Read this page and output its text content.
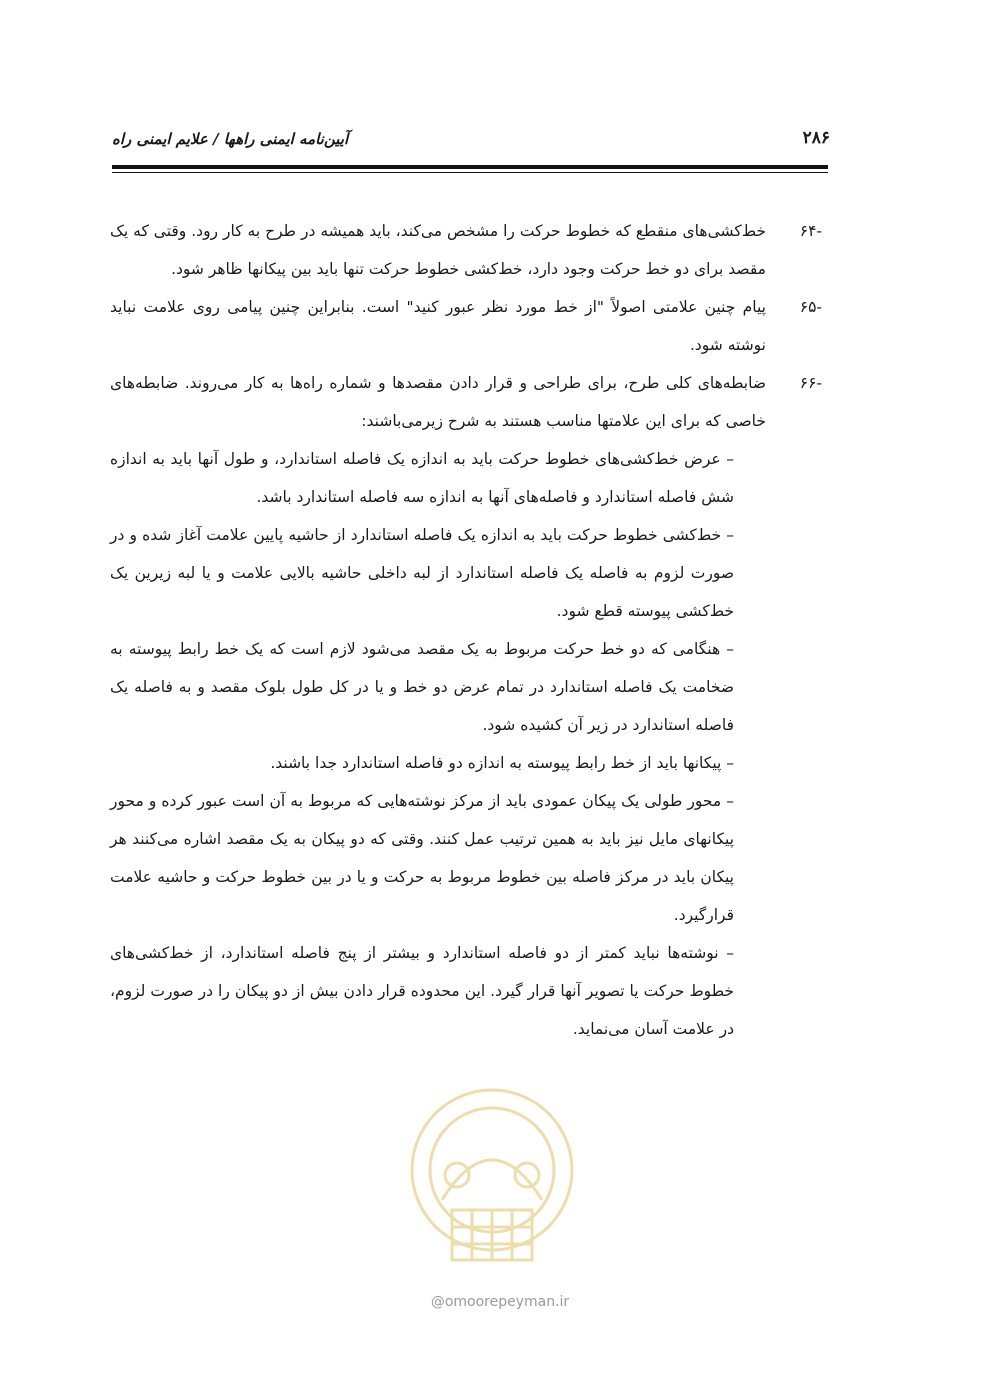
۲۸۶
آیین‌نامه ایمنی راهها / علایم ایمنی راه
-۶۴

خط‌کشی‌های منقطع که خطوط حرکت را مشخص می‌کند، باید همیشه در طرح به کار رود. وقتی که یک مقصد برای دو خط حرکت وجود دارد، خط‌کشی خطوط حرکت تنها باید بین پیکانها ظاهر شود.

-۶۵

پیام چنین علامتی اصولاً "از خط مورد نظر عبور کنید" است. بنابراین چنین پیامی روی علامت نباید نوشته شود.

-۶۶

ضابطه‌های کلی طرح، برای طراحی و قرار دادن مقصدها و شماره راه‌ها به کار می‌روند. ضابطه‌های خاصی که برای این علامتها مناسب هستند به شرح زیرمی‌باشند:

– عرض خط‌کشی‌های خطوط حرکت باید به اندازه یک فاصله استاندارد، و طول آنها باید به اندازه شش فاصله استاندارد و فاصله‌های آنها به اندازه سه فاصله استاندارد باشد.

– خط‌کشی خطوط حرکت باید به اندازه یک فاصله استاندارد از حاشیه پایین علامت آغاز شده و در صورت لزوم به فاصله یک فاصله استاندارد از لبه داخلی حاشیه بالایی علامت و یا لبه زیرین یک خط‌کشی پیوسته قطع شود.

– هنگامی که دو خط حرکت مربوط به یک مقصد می‌شود لازم است که یک خط رابط پیوسته به ضخامت یک فاصله استاندارد در تمام عرض دو خط و یا در کل طول بلوک مقصد و به فاصله یک فاصله استاندارد در زیر آن کشیده شود.

– پیکانها باید از خط رابط پیوسته به اندازه دو فاصله استاندارد جدا باشند.

– محور طولی یک پیکان عمودی باید از مرکز نوشته‌هایی که مربوط به آن است عبور کرده و محور پیکانهای مایل نیز باید به همین ترتیب عمل کنند. وقتی که دو پیکان به یک مقصد اشاره می‌کنند هر پیکان باید در مرکز فاصله بین خطوط مربوط به حرکت و یا در بین خطوط حرکت و حاشیه علامت قرارگیرد.

– نوشته‌ها نباید کمتر از دو فاصله استاندارد و بیشتر از پنج فاصله استاندارد، از خط‌کشی‌های خطوط حرکت یا تصویر آنها قرار گیرد. این محدوده قرار دادن بیش از دو پیکان را در صورت لزوم، در علامت آسان می‌نماید.

@omoorepeyman.ir
